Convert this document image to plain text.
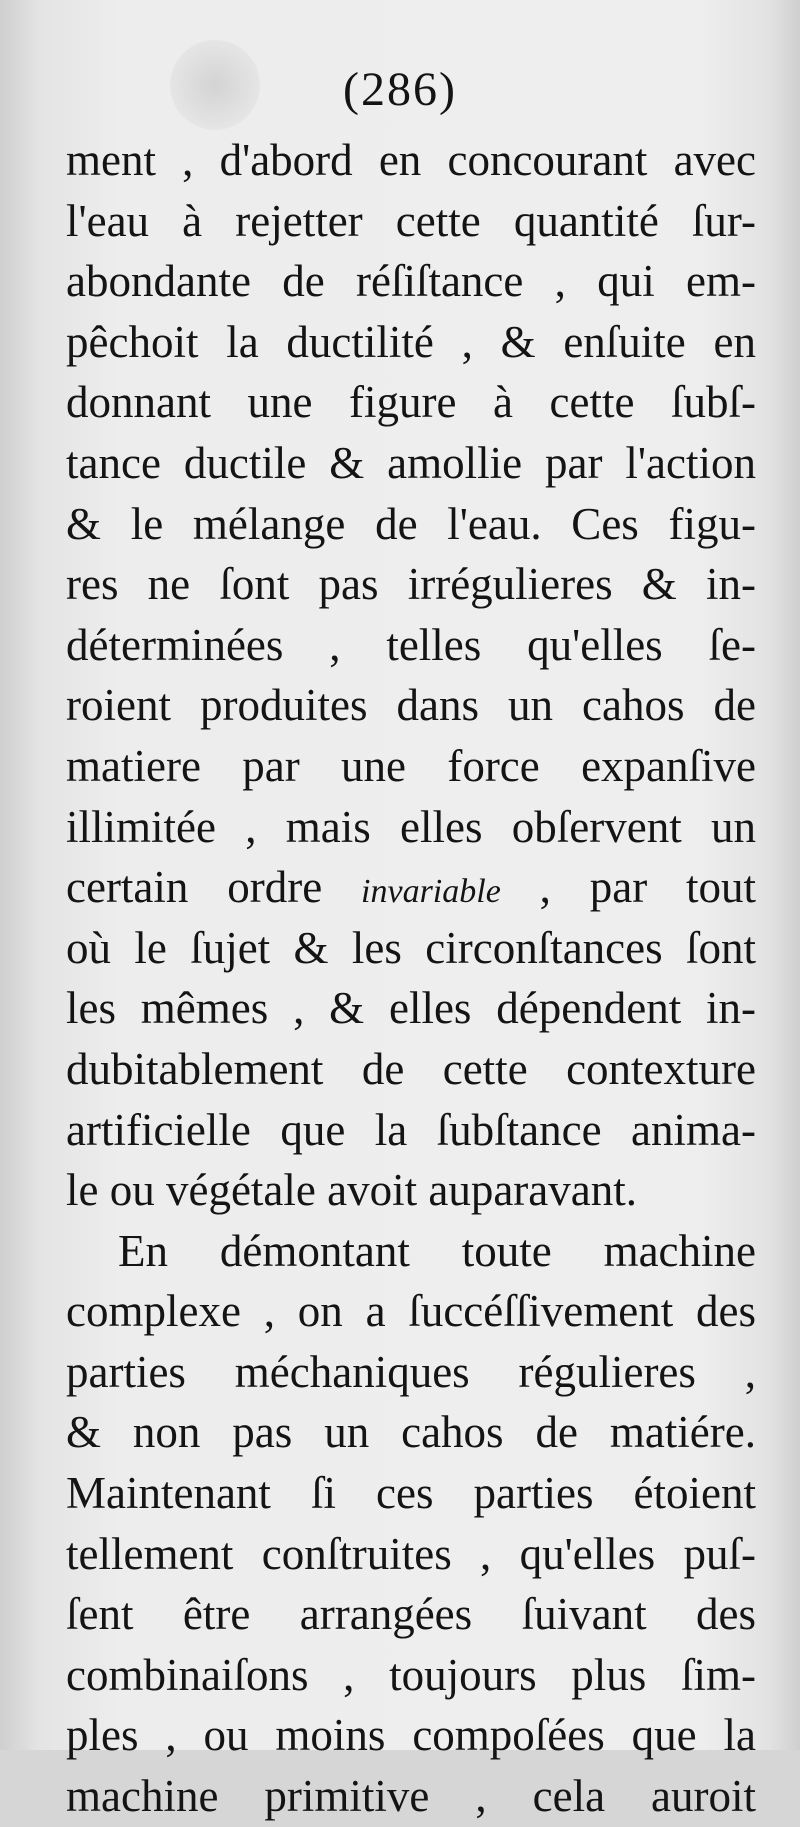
(286)
ment , d'abord en concourant avec
l'eau à rejetter cette quantité ſur-
abondante de réſiſtance , qui em-
pêchoit la ductilité , & enſuite en
donnant une figure à cette ſubſ-
tance ductile & amollie par l'action
& le mélange de l'eau. Ces figu-
res ne ſont pas irrégulieres & in-
déterminées , telles qu'elles ſe-
roient produites dans un cahos de
matiere par une force expanſive
illimitée , mais elles obſervent un
certain ordre invariable , par tout
où le ſujet & les circonſtances ſont
les mêmes , & elles dépendent in-
dubitablement de cette contexture
artificielle que la ſubſtance anima-
le ou végétale avoit auparavant.
En démontant toute machine
complexe , on a ſuccéſſivement des
parties méchaniques régulieres ,
& non pas un cahos de matiére.
Maintenant ſi ces parties étoient
tellement conſtruites , qu'elles puſ-
ſent être arrangées ſuivant des
combinaiſons , toujours plus ſim-
ples , ou moins compoſées que la
machine primitive , cela auroit
